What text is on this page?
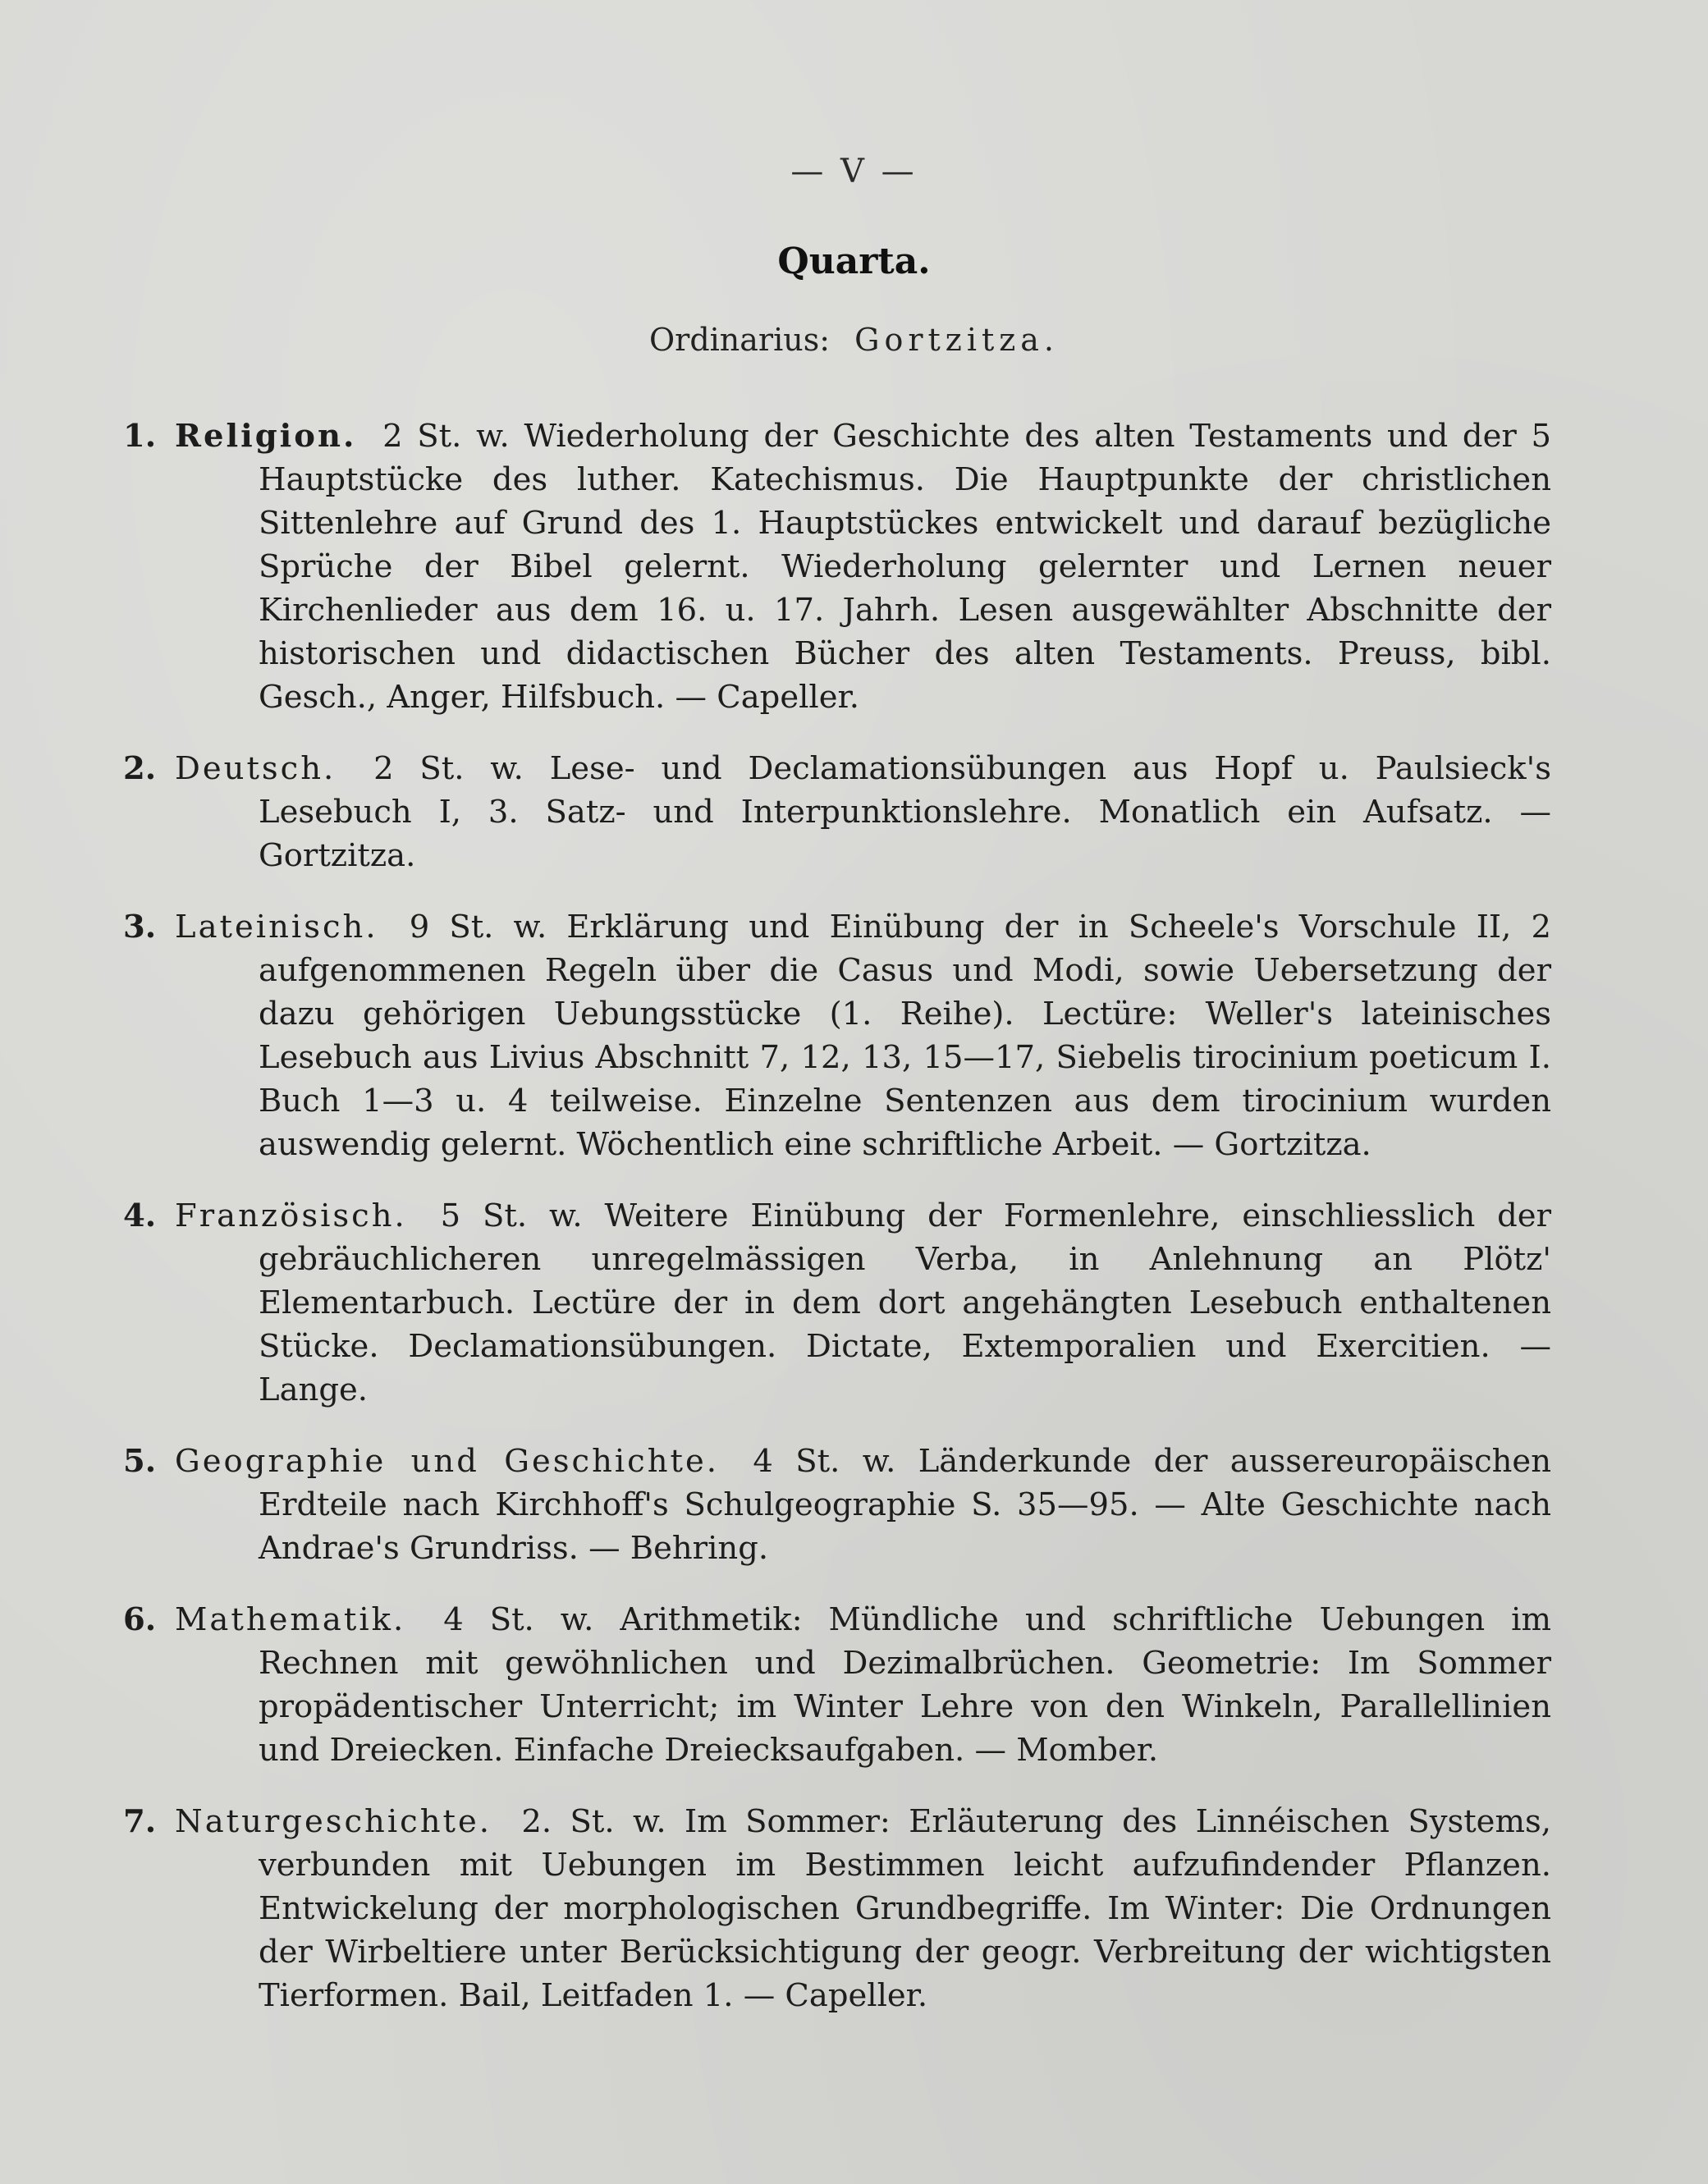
— V —
Quarta.
Ordinarius: Gortzitza.
1. Religion. 2 St. w. Wiederholung der Geschichte des alten Testaments und der 5 Hauptstücke des luther. Katechismus. Die Hauptpunkte der christlichen Sittenlehre auf Grund des 1. Hauptstückes entwickelt und darauf bezügliche Sprüche der Bibel gelernt. Wiederholung gelernter und Lernen neuer Kirchenlieder aus dem 16. u. 17. Jahrh. Lesen ausgewählter Abschnitte der historischen und didactischen Bücher des alten Testaments. Preuss, bibl. Gesch., Anger, Hilfsbuch. — Capeller.
2. Deutsch. 2 St. w. Lese- und Declamationsübungen aus Hopf u. Paulsieck's Lesebuch I, 3. Satz- und Interpunktionslehre. Monatlich ein Aufsatz. — Gortzitza.
3. Lateinisch. 9 St. w. Erklärung und Einübung der in Scheele's Vorschule II, 2 aufgenommenen Regeln über die Casus und Modi, sowie Uebersetzung der dazu gehörigen Uebungsstücke (1. Reihe). Lectüre: Weller's lateinisches Lesebuch aus Livius Abschnitt 7, 12, 13, 15—17, Siebelis tirocinium poeticum I. Buch 1—3 u. 4 teilweise. Einzelne Sentenzen aus dem tirocinium wurden auswendig gelernt. Wöchentlich eine schriftliche Arbeit. — Gortzitza.
4. Französisch. 5 St. w. Weitere Einübung der Formenlehre, einschliesslich der gebräuchlicheren unregelmässigen Verba, in Anlehnung an Plötz' Elementarbuch. Lectüre der in dem dort angehängten Lesebuch enthaltenen Stücke. Declamationsübungen. Dictate, Extemporalien und Exercitien. — Lange.
5. Geographie und Geschichte. 4 St. w. Länderkunde der aussereuropäischen Erdteile nach Kirchhoff's Schulgeographie S. 35—95. — Alte Geschichte nach Andrae's Grundriss. — Behring.
6. Mathematik. 4 St. w. Arithmetik: Mündliche und schriftliche Uebungen im Rechnen mit gewöhnlichen und Dezimalbrüchen. Geometrie: Im Sommer propädentischer Unterricht; im Winter Lehre von den Winkeln, Parallellinien und Dreiecken. Einfache Dreiecksaufgaben. — Momber.
7. Naturgeschichte. 2. St. w. Im Sommer: Erläuterung des Linnéischen Systems, verbunden mit Uebungen im Bestimmen leicht aufzufindender Pflanzen. Entwickelung der morphologischen Grundbegriffe. Im Winter: Die Ordnungen der Wirbeltiere unter Berücksichtigung der geogr. Verbreitung der wichtigsten Tierformen. Bail, Leitfaden 1. — Capeller.
